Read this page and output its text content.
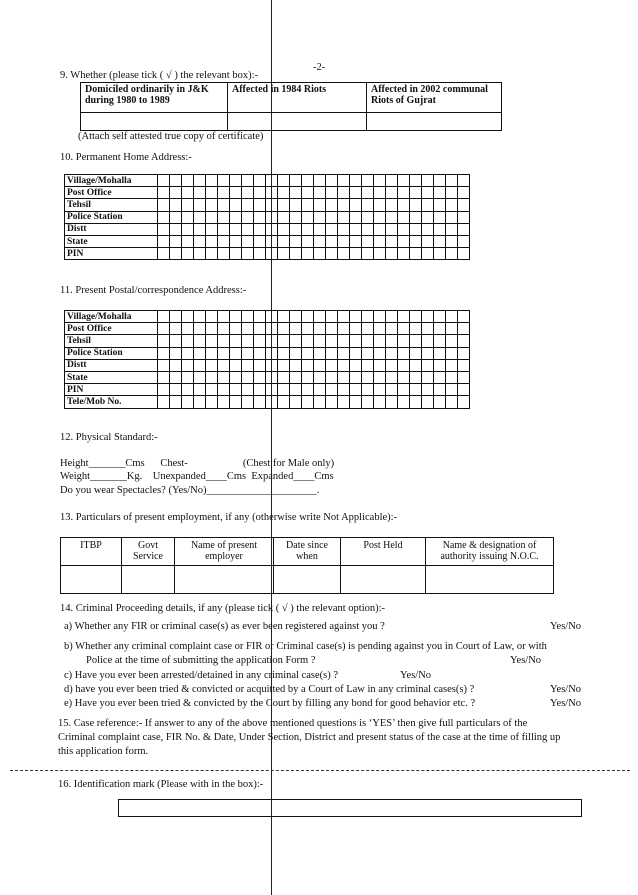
-2-
9. Whether (please tick ( √ ) the relevant box):-
Domiciled ordinarily in J&K during 1980 to 1989	Affected in 1984 Riots	Affected in 2002 communal Riots of Gujrat

(Attach self attested true copy of certificate)
10. Permanent Home Address:-
Village/Mohalla																										
Post Office																										
Tehsil																										
Police Station																										
Distt																										
State																										
PIN																										
11. Present Postal/correspondence Address:-
Village/Mohalla																										
Post Office																										
Tehsil																										
Police Station																										
Distt																										
State																										
PIN																										
Tele/Mob No.																										
12. Physical Standard:-
Height_______Cms      Chest-                     (Chest for Male only)
Weight_______Kg.    Unexpanded____Cms  Expanded____Cms
Do you wear Spectacles? (Yes/No)_____________________.
13. Particulars of present employment, if any (otherwise write Not Applicable):-
ITBP	Govt Service	Name of present employer	Date since when	Post Held	Name & designation of authority issuing N.O.C.

14. Criminal Proceeding details, if any (please tick ( √ ) the relevant option):-
a) Whether any FIR or criminal case(s) as ever been registered against you ?	Yes/No
b) Whether any criminal complaint case or FIR or Criminal case(s) is pending against you in Court of Law, or with
Police at the time of submitting the application Form ?	Yes/No
c) Have you ever been arrested/detained in any criminal case(s) ?	Yes/No
d) have you ever been tried & convicted or acquitted by a Court of Law in any criminal cases(s) ?	Yes/No
e) Have you ever been tried & convicted by the Court by filling any bond for good behavior etc. ?	Yes/No
15. Case reference:- If answer to any of the above mentioned questions is ‘YES’ then give full particulars of the
Criminal complaint case, FIR No. & Date, Under Section, District and present status of the case at the time of filling up
this application form.
16. Identification mark (Please with in the box):-
